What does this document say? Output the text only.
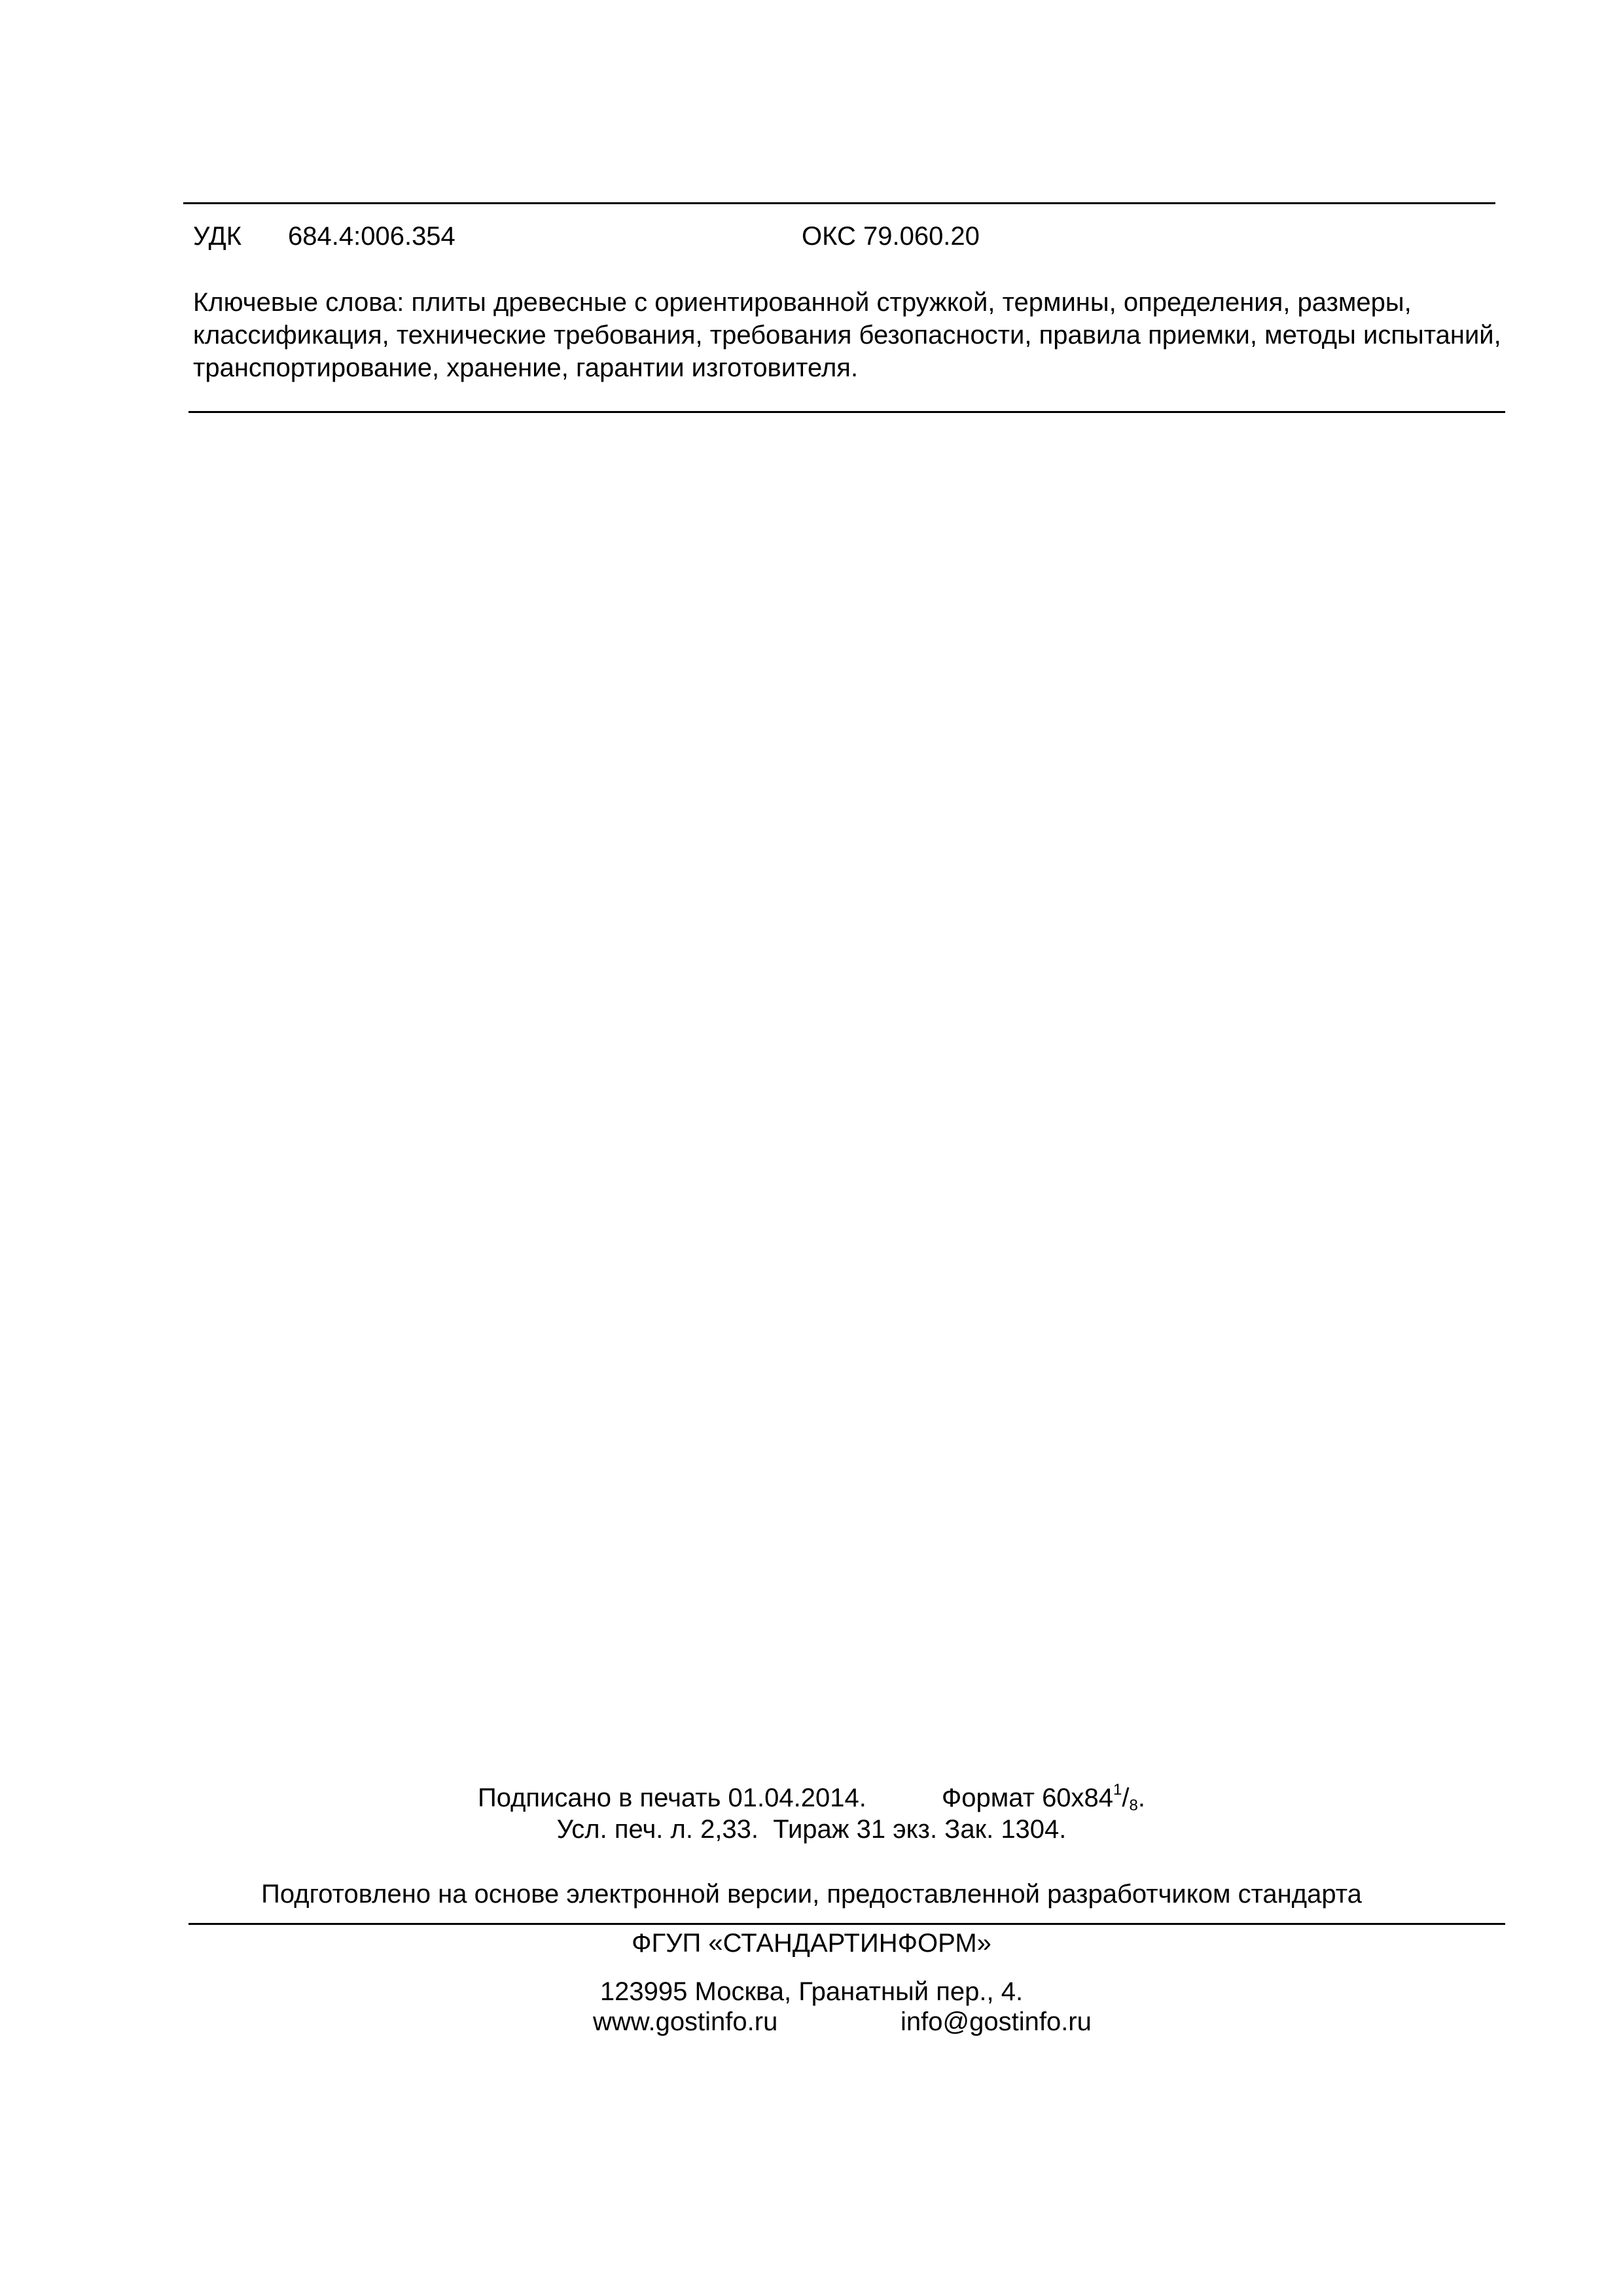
УДК 684.4:006.354	ОКС 79.060.20
Ключевые слова: плиты древесные с ориентированной стружкой, термины, определения, размеры, классификация, технические требования, требования безопасности, правила приемки, методы испытаний, транспортирование, хранение, гарантии изготовителя.
Подписано в печать 01.04.2014.	Формат $60х84^1/_8$.
Усл. печ. л. 2,33.  Тираж 31 экз. Зак. 1304.
Подготовлено на основе электронной версии, предоставленной разработчиком стандарта
ФГУП «СТАНДАРТИНФОРМ»
123995 Москва, Гранатный пер., 4.
www.gostinfo.ru	info@gostinfo.ru
